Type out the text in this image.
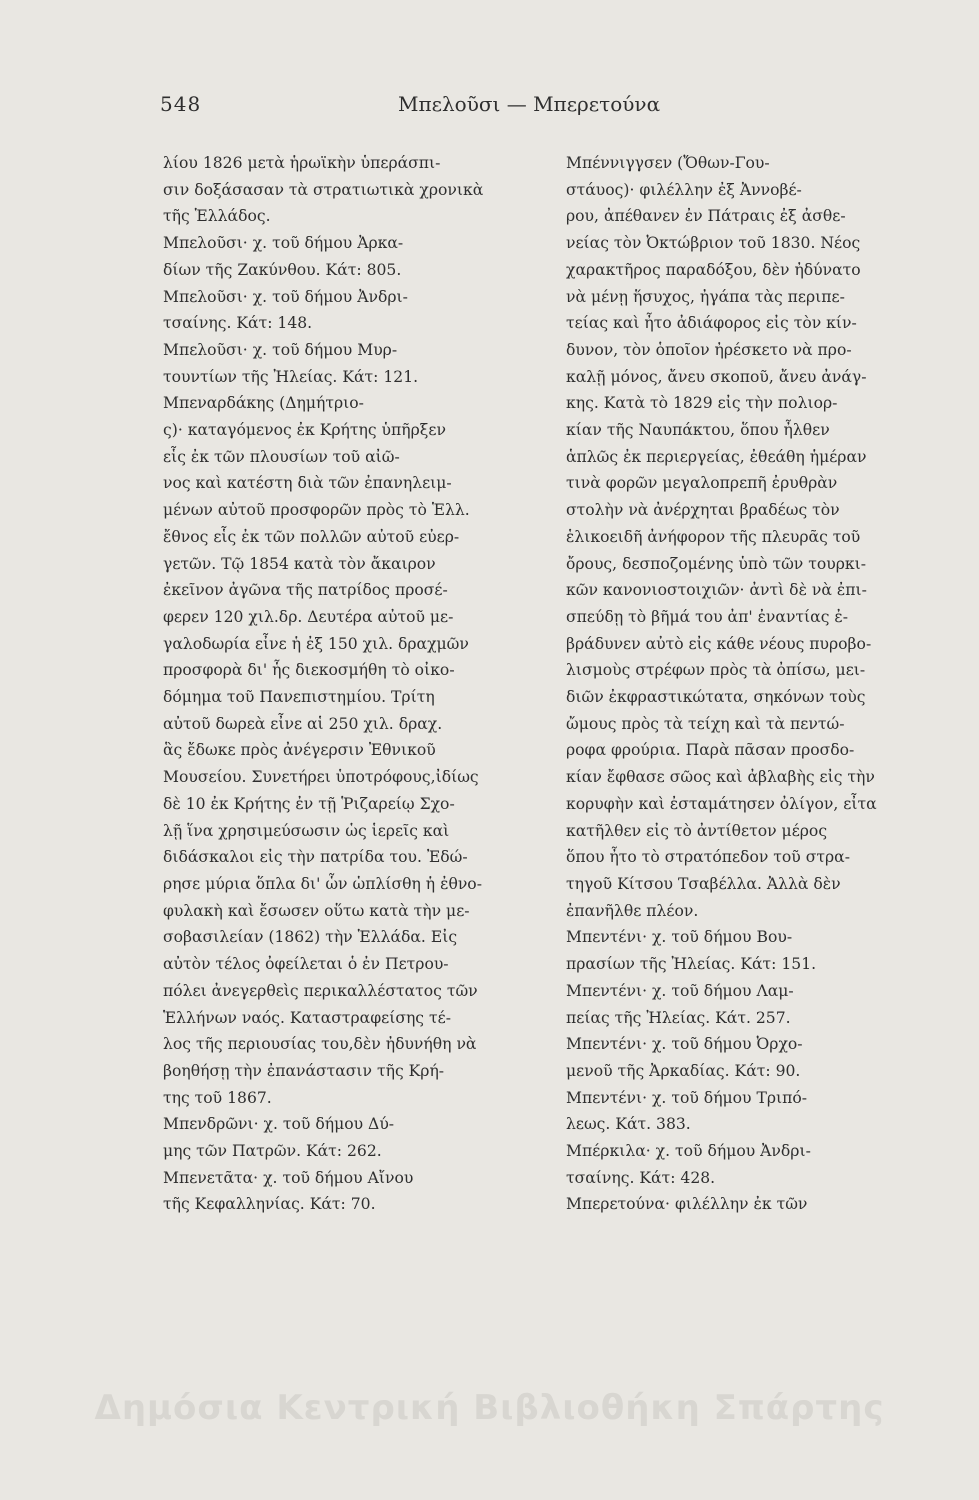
548	Μπελοῦσι — Μπερετούνα
λίου 1826 μετὰ ἡρωϊκὴν ὑπεράσπι-
σιν δοξάσασαν τὰ στρατιωτικὰ χρονικὰ
τῆς Ἑλλάδος.
Μπελοῦσι· χ. τοῦ δήμου Ἀρκα-
δίων τῆς Ζακύνθου. Κάτ: 805.
Μπελοῦσι· χ. τοῦ δήμου Ἀνδρι-
τσαίνης. Κάτ: 148.
Μπελοῦσι· χ. τοῦ δήμου Μυρ-
τουντίων τῆς Ἠλείας. Κάτ: 121.
Μπεναρδάκης (Δημήτριο-
ς)· καταγόμενος ἐκ Κρήτης ὑπῆρξεν
εἷς ἐκ τῶν πλουσίων τοῦ αἰῶ-
νος καὶ κατέστη διὰ τῶν ἐπανηλειμ-
μένων αὐτοῦ προσφορῶν πρὸς τὸ Ἑλλ.
ἔθνος εἷς ἐκ τῶν πολλῶν αὐτοῦ εὐερ-
γετῶν. Τῷ 1854 κατὰ τὸν ἄκαιρον
ἐκεῖνον ἀγῶνα τῆς πατρίδος προσέ-
φερεν 120 χιλ.δρ. Δευτέρα αὐτοῦ με-
γαλοδωρία εἶνε ἡ ἐξ 150 χιλ. δραχμῶν
προσφορὰ δι' ἧς διεκοσμήθη τὸ οἰκο-
δόμημα τοῦ Πανεπιστημίου. Τρίτη
αὐτοῦ δωρεὰ εἶνε αἱ 250 χιλ. δραχ.
ἃς ἔδωκε πρὸς ἀνέγερσιν Ἐθνικοῦ
Μουσείου. Συνετήρει ὑποτρόφους,ἰδίως
δὲ 10 ἐκ Κρήτης ἐν τῇ Ῥιζαρείῳ Σχο-
λῇ ἵνα χρησιμεύσωσιν ὡς ἱερεῖς καὶ
διδάσκαλοι εἰς τὴν πατρίδα του. Ἐδώ-
ρησε μύρια ὅπλα δι' ὧν ὡπλίσθη ἡ ἐθνο-
φυλακὴ καὶ ἔσωσεν οὕτω κατὰ τὴν με-
σοβασιλείαν (1862) τὴν Ἑλλάδα. Εἰς
αὐτὸν τέλος ὀφείλεται ὁ ἐν Πετρου-
πόλει ἀνεγερθεὶς περικαλλέστατος τῶν
Ἑλλήνων ναός. Καταστραφείσης τέ-
λος τῆς περιουσίας του,δὲν ἠδυνήθη νὰ
βοηθήσῃ τὴν ἐπανάστασιν τῆς Κρή-
της τοῦ 1867.
Μπενδρῶνι· χ. τοῦ δήμου Δύ-
μης τῶν Πατρῶν. Κάτ: 262.
Μπενετᾶτα· χ. τοῦ δήμου Αἴνου
τῆς Κεφαλληνίας. Κάτ: 70.
Μπέννιγγσεν (Ὄθων-Γου-
στάυος)· φιλέλλην ἐξ Ἀννοβέ-
ρου, ἀπέθανεν ἐν Πάτραις ἐξ ἀσθε-
νείας τὸν Ὀκτώβριον τοῦ 1830. Νέος
χαρακτῆρος παραδόξου, δὲν ἠδύνατο
νὰ μένῃ ἥσυχος, ἠγάπα τὰς περιπε-
τείας καὶ ἦτο ἀδιάφορος εἰς τὸν κίν-
δυνον, τὸν ὁποῖον ἠρέσκετο νὰ προ-
καλῇ μόνος, ἄνευ σκοποῦ, ἄνευ ἀνάγ-
κης. Κατὰ τὸ 1829 εἰς τὴν πολιορ-
κίαν τῆς Ναυπάκτου, ὅπου ἦλθεν
ἁπλῶς ἐκ περιεργείας, ἐθεάθη ἡμέραν
τινὰ φορῶν μεγαλοπρεπῆ ἐρυθρὰν
στολὴν νὰ ἀνέρχηται βραδέως τὸν
ἑλικοειδῆ ἀνήφορον τῆς πλευρᾶς τοῦ
ὄρους, δεσποζομένης ὑπὸ τῶν τουρκι-
κῶν κανονιοστοιχιῶν· ἀντὶ δὲ νὰ ἐπι-
σπεύδῃ τὸ βῆμά του ἀπ' ἐναντίας ἐ-
βράδυνεν αὐτὸ εἰς κάθε νέους πυροβο-
λισμοὺς στρέφων πρὸς τὰ ὀπίσω, μει-
διῶν ἐκφραστικώτατα, σηκόνων τοὺς
ὤμους πρὸς τὰ τείχη καὶ τὰ πεντώ-
ροφα φρούρια. Παρὰ πᾶσαν προσδο-
κίαν ἔφθασε σῶος καὶ ἀβλαβὴς εἰς τὴν
κορυφὴν καὶ ἐσταμάτησεν ὀλίγον, εἶτα
κατῆλθεν εἰς τὸ ἀντίθετον μέρος
ὅπου ἦτο τὸ στρατόπεδον τοῦ στρα-
τηγοῦ Κίτσου Τσαβέλλα. Ἀλλὰ δὲν
ἐπανῆλθε πλέον.
Μπεντένι· χ. τοῦ δήμου Βου-
πρασίων τῆς Ἠλείας. Κάτ: 151.
Μπεντένι· χ. τοῦ δήμου Λαμ-
πείας τῆς Ἠλείας. Κάτ. 257.
Μπεντένι· χ. τοῦ δήμου Ὀρχο-
μενοῦ τῆς Ἀρκαδίας. Κάτ: 90.
Μπεντένι· χ. τοῦ δήμου Τριπό-
λεως. Κάτ. 383.
Μπέρκιλα· χ. τοῦ δήμου Ἀνδρι-
τσαίνης. Κάτ: 428.
Μπερετούνα· φιλέλλην ἐκ τῶν
Δημόσια Κεντρική Βιβλιοθήκη Σπάρτης
